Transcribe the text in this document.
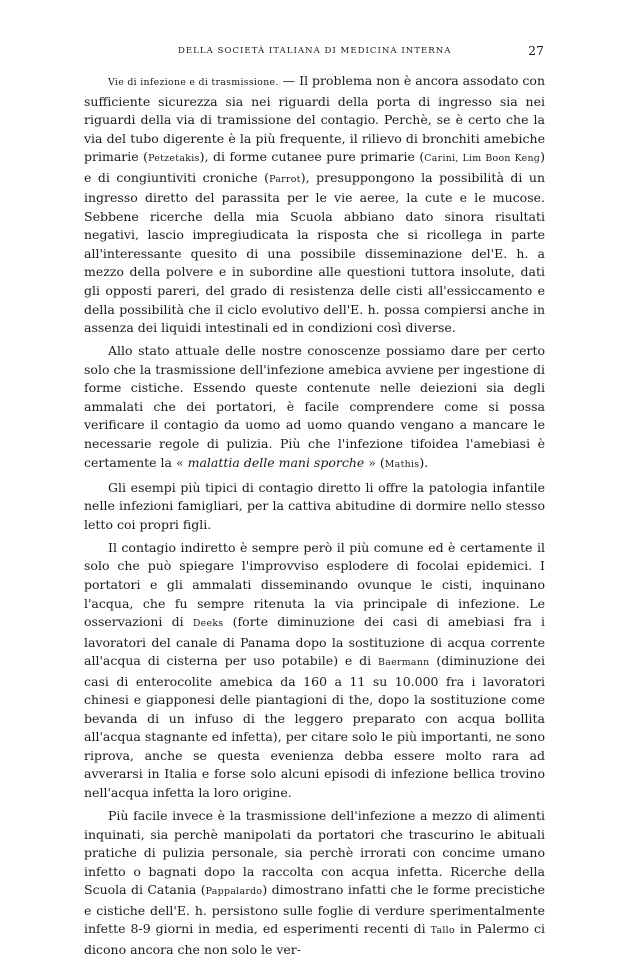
DELLA SOCIETÀ ITALIANA DI MEDICINA INTERNA	27

Vie di infezione e di trasmissione. — Il problema non è ancora assodato con sufficiente sicurezza sia nei riguardi della porta di ingresso sia nei riguardi della via di tramissione del contagio. Perchè, se è certo che la via del tubo digerente è la più frequente, il rilievo di bronchiti amebiche primarie (Petzetakis), di forme cutanee pure primarie (Carini, Lim Boon Keng) e di congiuntiviti croniche (Parrot), presuppongono la possibilità di un ingresso diretto del parassita per le vie aeree, la cute e le mucose. Sebbene ricerche della mia Scuola abbiano dato sinora risultati negativi, lascio impregiudicata la risposta che si ricollega in parte all'interessante quesito di una possibile disseminazione del'E. h. a mezzo della polvere e in subordine alle questioni tuttora insolute, dati gli opposti pareri, del grado di resistenza delle cisti all'essiccamento e della possibilità che il ciclo evolutivo dell'E. h. possa compiersi anche in assenza dei liquidi intestinali ed in condizioni così diverse.

Allo stato attuale delle nostre conoscenze possiamo dare per certo solo che la trasmissione dell'infezione amebica avviene per ingestione di forme cistiche. Essendo queste contenute nelle deiezioni sia degli ammalati che dei portatori, è facile comprendere come si possa verificare il contagio da uomo ad uomo quando vengano a mancare le necessarie regole di pulizia. Più che l'infezione tifoidea l'amebiasi è certamente la « malattia delle mani sporche » (Mathis).

Gli esempi più tipici di contagio diretto li offre la patologia infantile nelle infezioni famigliari, per la cattiva abitudine di dormire nello stesso letto coi propri figli.

Il contagio indiretto è sempre però il più comune ed è certamente il solo che può spiegare l'improvviso esplodere di focolai epidemici. I portatori e gli ammalati disseminando ovunque le cisti, inquinano l'acqua, che fu sempre ritenuta la via principale di infezione. Le osservazioni di Deeks (forte diminuzione dei casi di amebiasi fra i lavoratori del canale di Panama dopo la sostituzione di acqua corrente all'acqua di cisterna per uso potabile) e di Baermann (diminuzione dei casi di enterocolite amebica da 160 a 11 su 10.000 fra i lavoratori chinesi e giapponesi delle piantagioni di the, dopo la sostituzione come bevanda di un infuso di the leggero preparato con acqua bollita all'acqua stagnante ed infetta), per citare solo le più importanti, ne sono riprova, anche se questa evenienza debba essere molto rara ad avverarsi in Italia e forse solo alcuni episodi di infezione bellica trovino nell'acqua infetta la loro origine.

Più facile invece è la trasmissione dell'infezione a mezzo di alimenti inquinati, sia perchè manipolati da portatori che trascurino le abituali pratiche di pulizia personale, sia perchè irrorati con concime umano infetto o bagnati dopo la raccolta con acqua infetta. Ricerche della Scuola di Catania (Pappalardo) dimostrano infatti che le forme precistiche e cistiche dell'E. h. persistono sulle foglie di verdure sperimentalmente infette 8-9 giorni in media, ed esperimenti recenti di Tallo in Palermo ci dicono ancora che non solo le ver-
